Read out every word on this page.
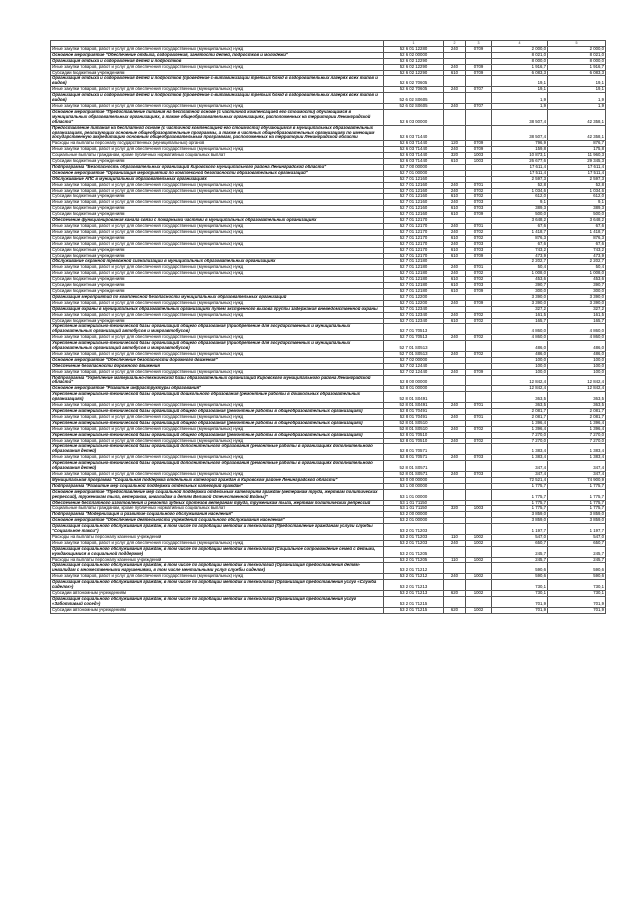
	1	2	3	4	5
Иные закупки товаров, работ и услуг для обеспечения государственных (муниципальных) нужд	52 6 01 12280	240	0709	2 000,0	2 000,0
Основное мероприятие "Обеспечение отдыха, оздоровления, занятости детей, подростков и молодежи"	52 6 02 00000			8 021,0	8 021,0
Организация отдыха и оздоровления детей и подростков	52 6 02 12290			8 000,0	8 000,0
Иные закупки товаров, работ и услуг для обеспечения государственных (муниципальных) нужд	52 6 02 12290	240	0709	1 916,7	1 916,7
Субсидии бюджетным учреждениям	52 6 02 12290	610	0709	6 083,3	6 083,3
Организация отдыха и оздоровления детей и подростков (проведение с-витаминизации третьих блюд в оздоровительных лагерях всех типов и видов)	52 6 02 70605			19,1	19,1
Иные закупки товаров, работ и услуг для обеспечения государственных (муниципальных) нужд	52 6 02 70605	240	0707	19,1	19,1
Организация отдыха и оздоровления детей и подростков (проведение с-витаминизации третьих блюд в оздоровительных лагерях всех типов и видов)	52 6 02 S0605			1,9	1,9
Иные закупки товаров, работ и услуг для обеспечения государственных (муниципальных) нужд	52 6 02 S0605	240	0707	1,9	1,9
Основное мероприятие "Предоставление питания на бесплатной основе (с частичной компенсацией его стоимости) обучающимся в муниципальных образовательных организациях, а также общеобразовательных организациях, расположенных на территории Ленинградской области"	52 6 03 00000			38 507,4	42 358,1
Предоставление питания на бесплатной основе (с частичной компенсацией его стоимости) обучающимся в муниципальных образовательных организациях, реализующих основные общеобразовательные программы, а также в частных общеобразовательных организациях по имеющим государственную аккредитацию основным общеобразовательным программам, расположенных на территории Ленинградской области	52 6 03 71440			38 507,4	42 358,1
Расходы на выплаты персоналу государственных (муниципальных) органов	52 6 03 71440	120	0709	796,9	876,7
Иные закупки товаров, работ и услуг для обеспечения государственных (муниципальных) нужд	52 6 03 71440	240	0709	159,8	175,8
Социальные выплаты гражданам, кроме публичных нормативных социальных выплат	52 6 03 71440	320	1003	10 873,1	11 960,3
Субсидии бюджетным учреждениям	52 6 03 71440	610	1003	26 677,6	29 345,3
Подпрограмма "Безопасность образовательных организаций Кировского муниципального района Ленинградской области"	52 7 00 00000			17 611,4	17 611,4
Основное мероприятие "Организация мероприятий по комплексной безопасности образовательных организаций"	52 7 01 00000			17 511,4	17 511,4
Обслуживание АПС в муниципальных образовательных организациях	52 7 01 12160			2 597,3	2 597,3
Иные закупки товаров, работ и услуг для обеспечения государственных (муниципальных) нужд	52 7 01 12160	240	0701	52,8	52,8
Иные закупки товаров, работ и услуг для обеспечения государственных (муниципальных) нужд	52 7 01 12160	240	0702	1 034,6	1 034,6
Субсидии бюджетным учреждениям	52 7 01 12160	610	0702	612,0	612,0
Иные закупки товаров, работ и услуг для обеспечения государственных (муниципальных) нужд	52 7 01 12160	240	0703	9,1	9,1
Субсидии бюджетным учреждениям	52 7 01 12160	610	0703	389,3	389,3
Субсидии бюджетным учреждениям	52 7 01 12160	610	0709	500,0	500,0
Обеспечение функционирования канала связи с пожарными частями в муниципальных образовательных организациях	52 7 01 12170			3 648,2	3 648,2
Иные закупки товаров, работ и услуг для обеспечения государственных (муниципальных) нужд	52 7 01 12170	240	0701	67,6	67,6
Иные закупки товаров, работ и услуг для обеспечения государственных (муниципальных) нужд	52 7 01 12170	240	0702	1 418,7	1 418,7
Субсидии бюджетным учреждениям	52 7 01 12170	610	0702	876,3	876,3
Иные закупки товаров, работ и услуг для обеспечения государственных (муниципальных) нужд	52 7 01 12170	240	0703	67,6	67,6
Субсидии бюджетным учреждениям	52 7 01 12170	610	0703	743,2	743,2
Субсидии бюджетным учреждениям	52 7 01 12170	610	0709	473,9	473,9
Обслуживание охранной тревожной сигнализации в муниципальных образовательных организациях	52 7 01 12180			2 202,7	2 202,7
Иные закупки товаров, работ и услуг для обеспечения государственных (муниципальных) нужд	52 7 01 12180	240	0701	50,4	50,4
Иные закупки товаров, работ и услуг для обеспечения государственных (муниципальных) нужд	52 7 01 12180	240	0702	1 008,0	1 008,0
Субсидии бюджетным учреждениям	52 7 01 12180	610	0702	453,6	453,6
Субсидии бюджетным учреждениям	52 7 01 12180	610	0703	390,7	390,7
Субсидии бюджетным учреждениям	52 7 01 12180	610	0709	300,0	300,0
Организация мероприятий по комплексной безопасности муниципальных образовательных организаций	52 7 01 12200			3 390,0	3 390,0
Иные закупки товаров, работ и услуг для обеспечения государственных (муниципальных) нужд	52 7 01 12200	240	0709	3 390,0	3 390,0
Организация охраны в муниципальных образовательных организациях путем экстренного вызова группы задержания вневедомственной охраны	52 7 01 12340			327,2	327,2
Иные закупки товаров, работ и услуг для обеспечения государственных (муниципальных) нужд	52 7 01 12340	240	0702	161,5	161,5
Субсидии бюджетным учреждениям	52 7 01 12340	610	0702	165,7	165,7
Укрепление материально-технической базы организаций общего образования (приобретение для государственных и муниципальных образовательных организаций автобусов и микроавтобусов)	52 7 01 70513			4 860,0	4 860,0
Иные закупки товаров, работ и услуг для обеспечения государственных (муниципальных) нужд	52 7 01 70513	240	0702	4 860,0	4 860,0
Укрепление материально-технической базы организаций общего образования (приобретение для государственных и муниципальных образовательных организаций автобусов и микроавтобусов)	52 7 01 S0513			486,0	486,0
Иные закупки товаров, работ и услуг для обеспечения государственных (муниципальных) нужд	52 7 01 S0513	240	0702	486,0	486,0
Основное мероприятие "Обеспечение безопасности дорожного движения"	52 7 02 00000			100,0	100,0
Обеспечение безопасности дорожного движения	52 7 02 12440			100,0	100,0
Иные закупки товаров, работ и услуг для обеспечения государственных (муниципальных) нужд	52 7 02 12440	240	0709	100,0	100,0
Подпрограмма "Укрепление материально-технической базы образовательных организаций Кировского муниципального района Ленинградской области"	52 8 00 00000			12 842,4	12 842,4
Основное мероприятие "Развитие инфраструктуры образования"	52 8 01 00000			12 842,4	12 842,4
Укрепление материально-технической базы организаций дошкольного образования (ремонтные работы в дошкольных образовательных организациях)	52 8 01 S0491			363,5	363,5
Иные закупки товаров, работ и услуг для обеспечения государственных (муниципальных) нужд	52 8 01 S0491	240	0701	363,5	363,5
Укрепление материально-технической базы организаций общего образования (ремонтные работы в общеобразовательных организациях)	52 8 01 70491			2 081,7	2 081,7
Иные закупки товаров, работ и услуг для обеспечения государственных (муниципальных) нужд	52 8 01 70491	240	0701	2 081,7	2 081,7
Укрепление материально-технической базы организаций общего образования (ремонтные работы в общеобразовательных организациях)	52 8 01 S0510			1 396,4	1 396,4
Иные закупки товаров, работ и услуг для обеспечения государственных (муниципальных) нужд	52 8 01 S0510	240	0702	1 396,4	1 396,4
Укрепление материально-технической базы организаций общего образования (ремонтные работы в общеобразовательных организациях)	52 8 01 70510			7 270,0	7 270,0
Иные закупки товаров, работ и услуг для обеспечения государственных (муниципальных) нужд	52 8 01 70510	240	0702	7 270,0	7 270,0
Укрепление материально-технической базы организаций дополнительного образования (ремонтные работы в организациях дополнительного образования детей)	52 8 01 70571			1 383,4	1 383,4
Иные закупки товаров, работ и услуг для обеспечения государственных (муниципальных) нужд	52 8 01 70571	240	0703	1 383,4	1 383,4
Укрепление материально-технической базы организаций дополнительного образования (ремонтные работы в организациях дополнительного образования детей)	52 8 01 S0571			347,4	347,4
Иные закупки товаров, работ и услуг для обеспечения государственных (муниципальных) нужд	52 8 01 S0571	240	0703	347,4	347,4
Муниципальная программа "Социальная поддержка отдельных категорий граждан в Кировском районе Ленинградской области"	53 0 00 00000			72 521,4	74 900,9
Подпрограмма "Развитие мер социальной поддержки отдельных категорий граждан"	53 1 00 00000			1 775,7	1 775,7
Основное мероприятие "Предоставление мер социальной поддержки отдельным категориям граждан (ветеранам труда, жертвам политических репрессий), труженикам тыла, ветеранам, инвалидам и детям Великой Отечественной Войны)"	53 1 01 00000			1 775,7	1 775,7
Обеспечение бесплатного изготовления и ремонта зубных протезов ветеранам труда, труженикам тыла, жертвам политических репрессий	53 1 01 71150			1 775,7	1 775,7
Социальные выплаты гражданам, кроме публичных нормативных социальных выплат	53 1 01 71150	320	1003	1 775,7	1 775,7
Подпрограмма "Модернизация и развитие социального обслуживания населения"	53 2 00 00000			3 859,0	3 859,0
Основное мероприятие "Обеспечение деятельности учреждений социального обслуживания населения"	53 2 01 00000			3 859,0	3 859,0
Организация социального обслуживания граждан, в том числе по апробации методик и технологий (Предоставление гражданам услуги службы "Социальное такси")	53 2 01 71203			1 197,7	1 197,7
Расходы на выплаты персоналу казенных учреждений	53 2 01 71203	110	1002	547,0	547,0
Иные закупки товаров, работ и услуг для обеспечения государственных (муниципальных) нужд	53 2 01 71203	240	1002	650,7	650,7
Организация социального обслуживания граждан, в том числе по апробации методик и технологий (Социальное сопровождение семей с детьми, нуждающимися в социальной поддержке)	53 2 01 71205			245,7	245,7
Расходы на выплаты персоналу казенных учреждений	53 2 01 71205	110	1002	245,7	245,7
Организация социального обслуживания граждан, в том числе по апробации методик и технологий (Организация предоставления детям-инвалидам с множественными нарушениями, в том числе ментальными услуг службы сиделок)	53 2 01 71212			590,6	590,6
Иные закупки товаров, работ и услуг для обеспечения государственных (муниципальных) нужд	53 2 01 71212	240	1002	590,6	590,6
Организация социального обслуживания граждан, в том числе по апробации методик и технологий (Организация предоставления услуг «Служба сиделок»)	53 2 01 71213			730,1	730,1
Субсидии автономным учреждениям	53 2 01 71213	620	1002	730,1	730,1
Организация социального обслуживания граждан, в том числе по апробации методик и технологий (Организация предоставления услуг «Заботливый сосед»)	53 2 01 71215			701,9	701,9
Субсидии автономным учреждениям	53 2 01 71215	620	1002	701,9	701,9
